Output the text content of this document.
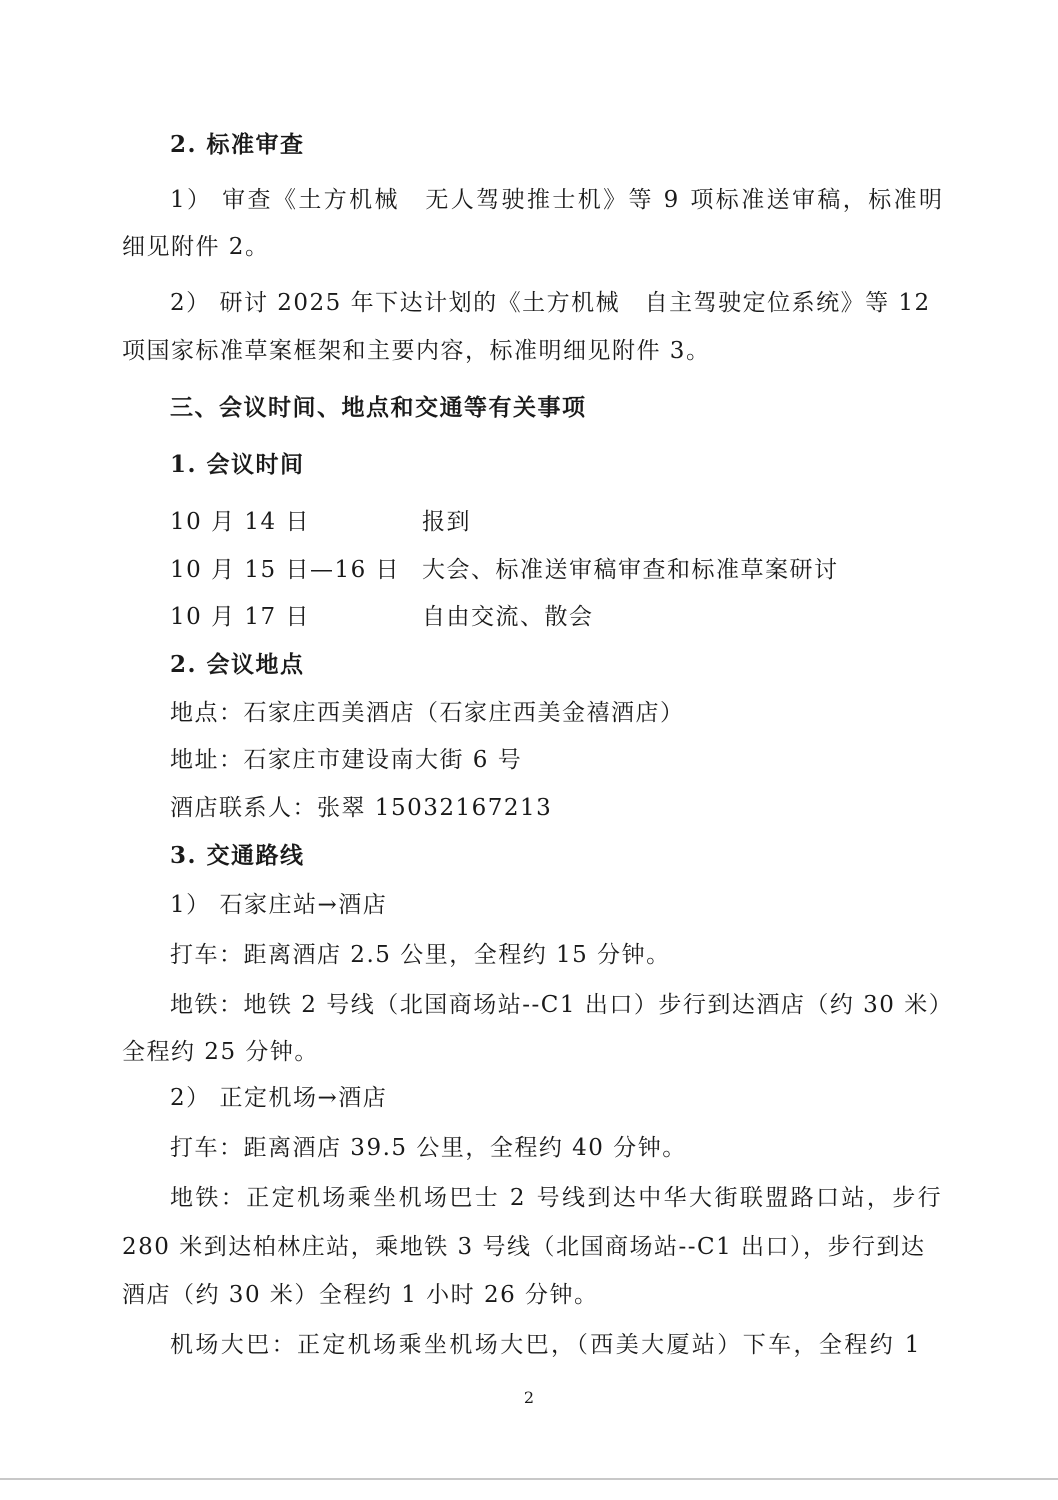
2. 标准审查
1） 审查《土方机械　无人驾驶推士机》等 9 项标准送审稿，标准明
细见附件 2。
2） 研讨 2025 年下达计划的《土方机械　自主驾驶定位系统》等 12
项国家标准草案框架和主要内容，标准明细见附件 3。
三、会议时间、地点和交通等有关事项
1. 会议时间
10 月 14 日	报到
10 月 15 日—16 日 大会、标准送审稿审查和标准草案研讨
10 月 17 日	自由交流、散会
2. 会议地点
地点：石家庄西美酒店（石家庄西美金禧酒店）
地址：石家庄市建设南大街 6 号
酒店联系人：张翠 15032167213
3. 交通路线
1） 石家庄站→酒店
打车：距离酒店 2.5 公里，全程约 15 分钟。
地铁：地铁 2 号线（北国商场站--C1 出口）步行到达酒店（约 30 米）
全程约 25 分钟。
2） 正定机场→酒店
打车：距离酒店 39.5 公里，全程约 40 分钟。
地铁：正定机场乘坐机场巴士 2 号线到达中华大街联盟路口站，步行
280 米到达柏林庄站，乘地铁 3 号线（北国商场站--C1 出口），步行到达
酒店（约 30 米）全程约 1 小时 26 分钟。
机场大巴：正定机场乘坐机场大巴，（西美大厦站）下车，全程约 1
2
